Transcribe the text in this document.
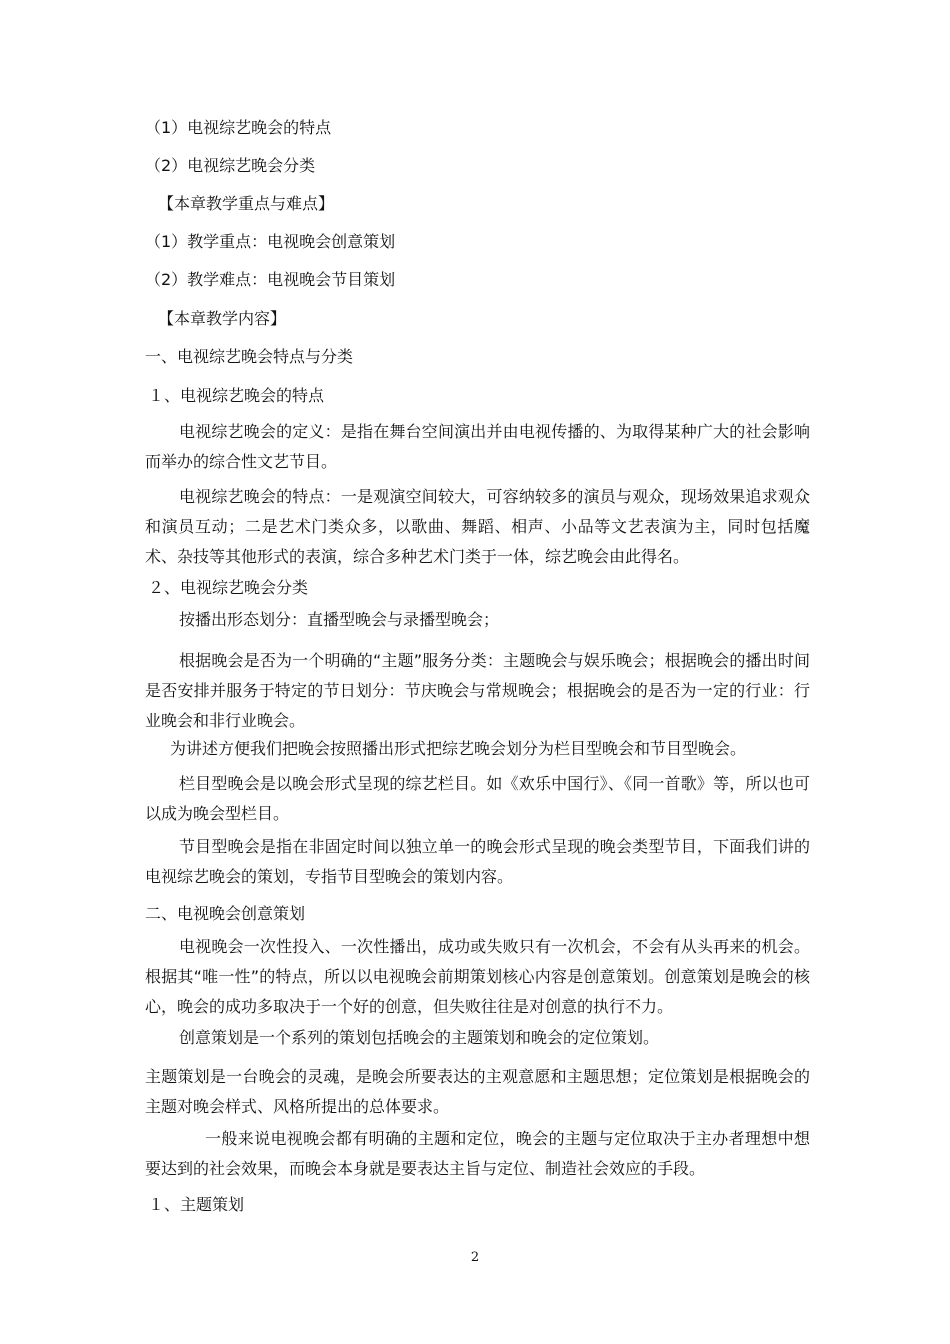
（1）电视综艺晚会的特点
（2）电视综艺晚会分类
【本章教学重点与难点】
（1）教学重点：电视晚会创意策划
（2）教学难点：电视晚会节目策划
【本章教学内容】
一、电视综艺晚会特点与分类
１、电视综艺晚会的特点
电视综艺晚会的定义：是指在舞台空间演出并由电视传播的、为取得某种广大的社会影响而举办的综合性文艺节目。
电视综艺晚会的特点：一是观演空间较大，可容纳较多的演员与观众，现场效果追求观众和演员互动；二是艺术门类众多，以歌曲、舞蹈、相声、小品等文艺表演为主，同时包括魔术、杂技等其他形式的表演，综合多种艺术门类于一体，综艺晚会由此得名。
２、电视综艺晚会分类
按播出形态划分：直播型晚会与录播型晚会；
根据晚会是否为一个明确的“主题”服务分类：主题晚会与娱乐晚会；根据晚会的播出时间是否安排并服务于特定的节日划分：节庆晚会与常规晚会；根据晚会的是否为一定的行业：行业晚会和非行业晚会。
为讲述方便我们把晚会按照播出形式把综艺晚会划分为栏目型晚会和节目型晚会。
栏目型晚会是以晚会形式呈现的综艺栏目。如《欢乐中国行》、《同一首歌》等，所以也可以成为晚会型栏目。
节目型晚会是指在非固定时间以独立单一的晚会形式呈现的晚会类型节目，下面我们讲的电视综艺晚会的策划，专指节目型晚会的策划内容。
二、电视晚会创意策划
电视晚会一次性投入、一次性播出，成功或失败只有一次机会，不会有从头再来的机会。根据其“唯一性”的特点，所以以电视晚会前期策划核心内容是创意策划。创意策划是晚会的核心，晚会的成功多取决于一个好的创意，但失败往往是对创意的执行不力。
创意策划是一个系列的策划包括晚会的主题策划和晚会的定位策划。
主题策划是一台晚会的灵魂，是晚会所要表达的主观意愿和主题思想；定位策划是根据晚会的主题对晚会样式、风格所提出的总体要求。
一般来说电视晚会都有明确的主题和定位，晚会的主题与定位取决于主办者理想中想要达到的社会效果，而晚会本身就是要表达主旨与定位、制造社会效应的手段。
１、主题策划
2
